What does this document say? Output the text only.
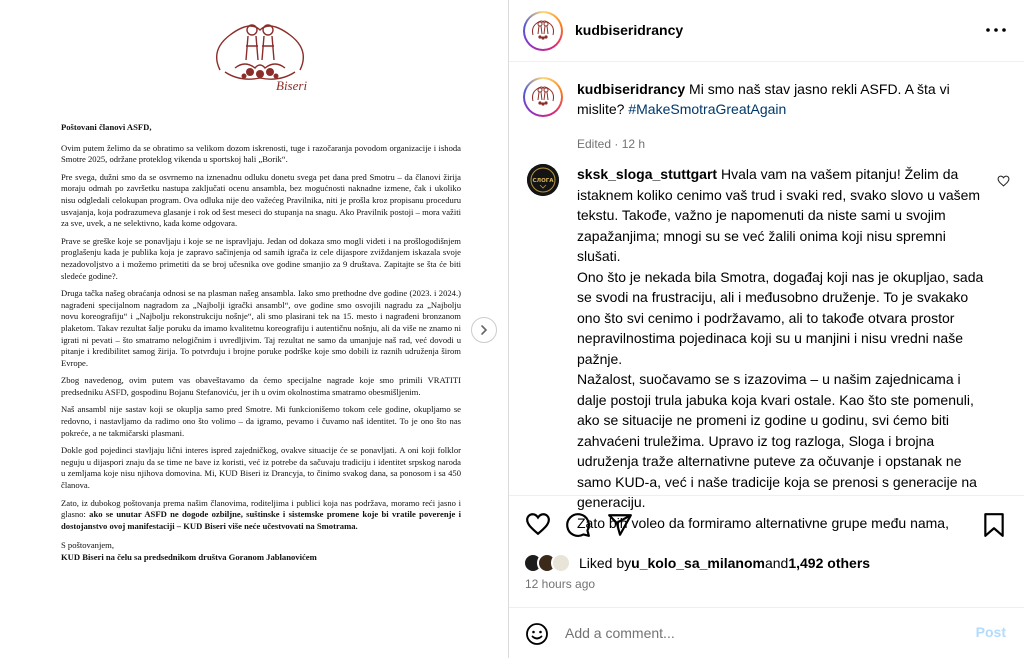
Biseri

Poštovani članovi ASFD,

Ovim putem želimo da se obratimo sa velikom dozom iskrenosti, tuge i razočaranja povodom organizacije i ishoda Smotre 2025, održane proteklog vikenda u sportskoj hali „Borik“.

Pre svega, dužni smo da se osvrnemo na iznenadnu odluku donetu svega pet dana pred Smotru – da članovi žirija moraju odmah po završetku nastupa zaključati ocenu ansambla, bez mogućnosti naknadne izmene, čak i ukoliko nisu odgledali celokupan program. Ova odluka nije deo važećeg Pravilnika, niti je prošla kroz propisanu proceduru usvajanja, koja podrazumeva glasanje i rok od šest meseci do stupanja na snagu. Ako Pravilnik postoji – mora važiti za sve, uvek, a ne selektivno, kada kome odgovara.

Prave se greške koje se ponavljaju i koje se ne ispravljaju. Jedan od dokaza smo mogli videti i na prošlogodišnjem proglašenju kada je publika koja je zapravo sačinjenja od samih igrača iz cele dijaspore zviždanjem iskazala svoje nezadovoljstvo a i možemo primetiti da se broj učesnika ove godine smanjio za 9 društava. Zapitajte se šta će biti sledeće godine?.

Druga tačka našeg obraćanja odnosi se na plasman našeg ansambla. Iako smo prethodne dve godine (2023. i 2024.) nagrađeni specijalnom nagradom za „Najbolji igrački ansambl“, ove godine smo osvojili nagradu za „Najbolju novu koreografiju“ i „Najbolju rekonstrukciju nošnje“, ali smo plasirani tek na 15. mesto i nagrađeni bronzanom plaketom. Takav rezultat šalje poruku da imamo kvalitetnu koreografiju i autentičnu nošnju, ali da više ne znamo ni igrati ni pevati – što smatramo nelogičnim i uvredljivim. Taj rezultat ne samo da umanjuje naš rad, već dovodi u pitanje i kredibilitet samog žirija. To potvrđuju i brojne poruke podrške koje smo dobili iz raznih udruženja širom Evrope.

Zbog navedenog, ovim putem vas obaveštavamo da ćemo specijalne nagrade koje smo primili VRATITI predsedniku ASFD, gospodinu Bojanu Stefanoviću, jer ih u ovim okolnostima smatramo obesmišljenim.

Naš ansambl nije sastav koji se okuplja samo pred Smotre. Mi funkcionišemo tokom cele godine, okupljamo se redovno, i nastavljamo da radimo ono što volimo – da igramo, pevamo i čuvamo naš identitet. To je ono što nas pokreće, a ne takmičarski plasmani.

Dokle god pojedinci stavljaju lični interes ispred zajedničkog, ovakve situacije će se ponavljati. A oni koji folklor neguju u dijaspori znaju da se time ne bave iz koristi, već iz potrebe da sačuvaju tradiciju i identitet srpskog naroda u zemljama koje nisu njihova domovina. Mi, KUD Biseri iz Drancyja, to činimo svakog dana, sa ponosom i sa 450 članova.

Zato, iz dubokog poštovanja prema našim članovima, roditeljima i publici koja nas podržava, moramo reći jasno i glasno: ako se unutar ASFD ne dogode ozbiljne, suštinske i sistemske promene koje bi vratile poverenje i dostojanstvo ovoj manifestaciji – KUD Biseri više neće učestvovati na Smotrama.

S poštovanjem,

KUD Biseri na čelu sa predsednikom društva Goranom Jablanovićem

kudbiseridrancy
kudbiseridrancy Mi smo naš stav jasno rekli ASFD. A šta vi mislite? #MakeSmotraGreatAgain
Edited · 12 h
СЛОГА sksk_sloga_stuttgart Hvala vam na vašem pitanju! Želim da istaknem koliko cenimo vaš trud i svaki red, svako slovo u vašem tekstu. Takođe, važno je napomenuti da niste sami u svojim zapažanjima; mnogi su se već žalili onima koji nisu spremni slušati.

Ono što je nekada bila Smotra, događaj koji nas je okupljao, sada se svodi na frustraciju, ali i međusobno druženje. To je svakako ono što svi cenimo i podržavamo, ali to takođe otvara prostor nepravilnostima pojedinaca koji su u manjini i nisu vredni naše pažnje.

Nažalost, suočavamo se s izazovima – u našim zajednicama i dalje postoji trula jabuka koja kvari ostale. Kao što ste pomenuli, ako se situacije ne promeni iz godine u godinu, svi ćemo biti zahvaćeni truležima. Upravo iz tog razloga, Sloga i brojna udruženja traže alternativne puteve za očuvanje i opstanak ne samo KUD-a, već i naše tradicije koja se prenosi s generacije na generaciju.

Zato bih voleo da formiramo alternativne grupe među nama,

Liked by u_kolo_sa_milanom and 1,492 others
12 hours ago
Add a comment...
Post
